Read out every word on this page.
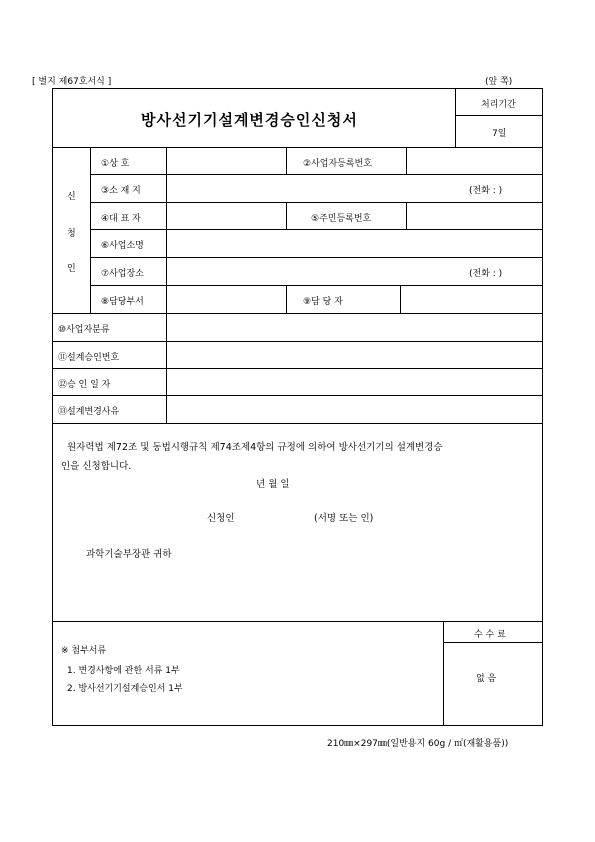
[ 별지 제67호서식 ]	(앞 쪽)
방사선기기설계변경승인신청서
처리기간
7일
신
청
인
①상 호	②사업자등록번호
③소 재 지	(전화 : )
④대 표 자	⑤주민등록번호
⑥사업소명
⑦사업장소	(전화 : )
⑧담당부서	⑨담 당 자
⑩사업자분류
⑪설계승인번호
⑫승 인 일 자
⑬설계변경사유
원자력법 제72조 및 동법시행규칙 제74조제4항의 규정에 의하여 방사선기기의 설계변경승
인을 신청합니다.
년 월 일
신청인	(서명 또는 인)
과학기술부장관 귀하
※ 첨부서류
1. 변경사항에 관한 서류 1부
2. 방사선기기설계승인서 1부
수 수 료
없 음
210㎜×297㎜(일반용지 60g / ㎡(재활용품))
